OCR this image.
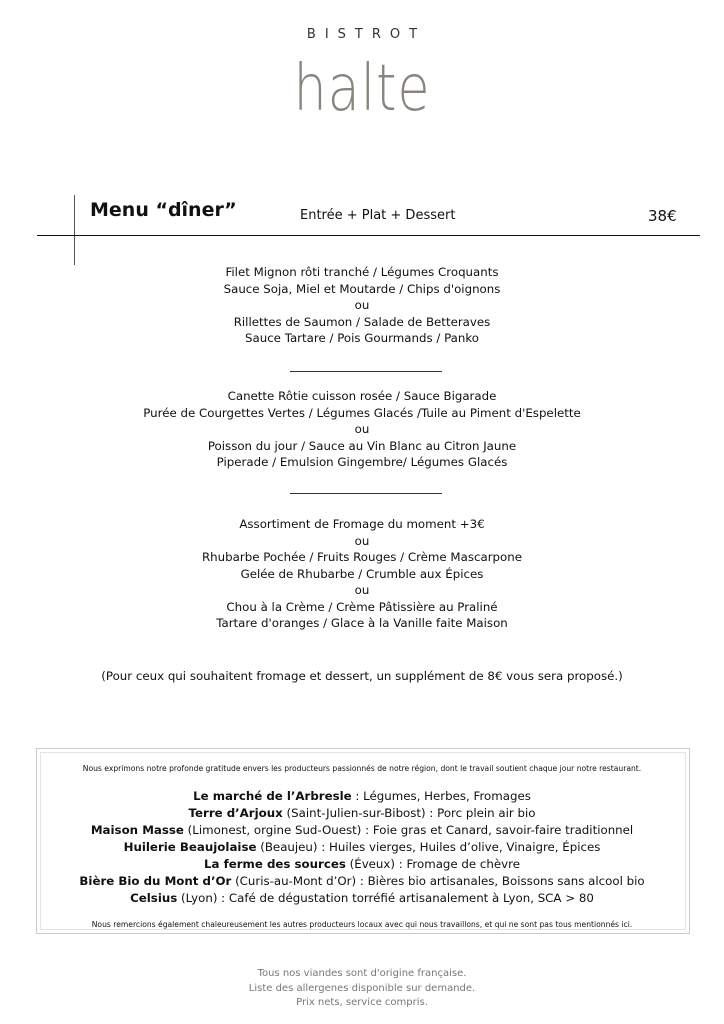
BISTROT
halte
Menu “dîner”	Entrée + Plat + Dessert	38€
Filet Mignon rôti tranché / Légumes Croquants
Sauce Soja, Miel et Moutarde / Chips d'oignons
ou
Rillettes de Saumon / Salade de Betteraves
Sauce Tartare / Pois Gourmands / Panko
Canette Rôtie cuisson rosée / Sauce Bigarade
Purée de Courgettes Vertes / Légumes Glacés /Tuile au Piment d'Espelette
ou
Poisson du jour / Sauce au Vin Blanc au Citron Jaune
Piperade / Emulsion Gingembre/ Légumes Glacés
Assortiment de Fromage du moment +3€
ou
Rhubarbe Pochée / Fruits Rouges / Crème Mascarpone
Gelée de Rhubarbe / Crumble aux Épices
ou
Chou à la Crème / Crème Pâtissière au Praliné
Tartare d'oranges / Glace à la Vanille faite Maison
(Pour ceux qui souhaitent fromage et dessert, un supplément de 8€ vous sera proposé.)
Nous exprimons notre profonde gratitude envers les producteurs passionnés de notre région, dont le travail soutient chaque jour notre restaurant.
Le marché de l’Arbresle : Légumes, Herbes, Fromages
Terre d’Arjoux (Saint-Julien-sur-Bibost) : Porc plein air bio
Maison Masse (Limonest, orgine Sud-Ouest) : Foie gras et Canard, savoir-faire traditionnel
Huilerie Beaujolaise (Beaujeu) : Huiles vierges, Huiles d’olive, Vinaigre, Épices
La ferme des sources (Éveux) : Fromage de chèvre
Bière Bio du Mont d’Or (Curis-au-Mont d’Or) : Bières bio artisanales, Boissons sans alcool bio
Celsius (Lyon) : Café de dégustation torréfié artisanalement à Lyon, SCA > 80
Nous remercions également chaleureusement les autres producteurs locaux avec qui nous travaillons, et qui ne sont pas tous mentionnés ici.
Tous nos viandes sont d'origine française.
Liste des allergenes disponible sur demande.
Prix nets, service compris.
